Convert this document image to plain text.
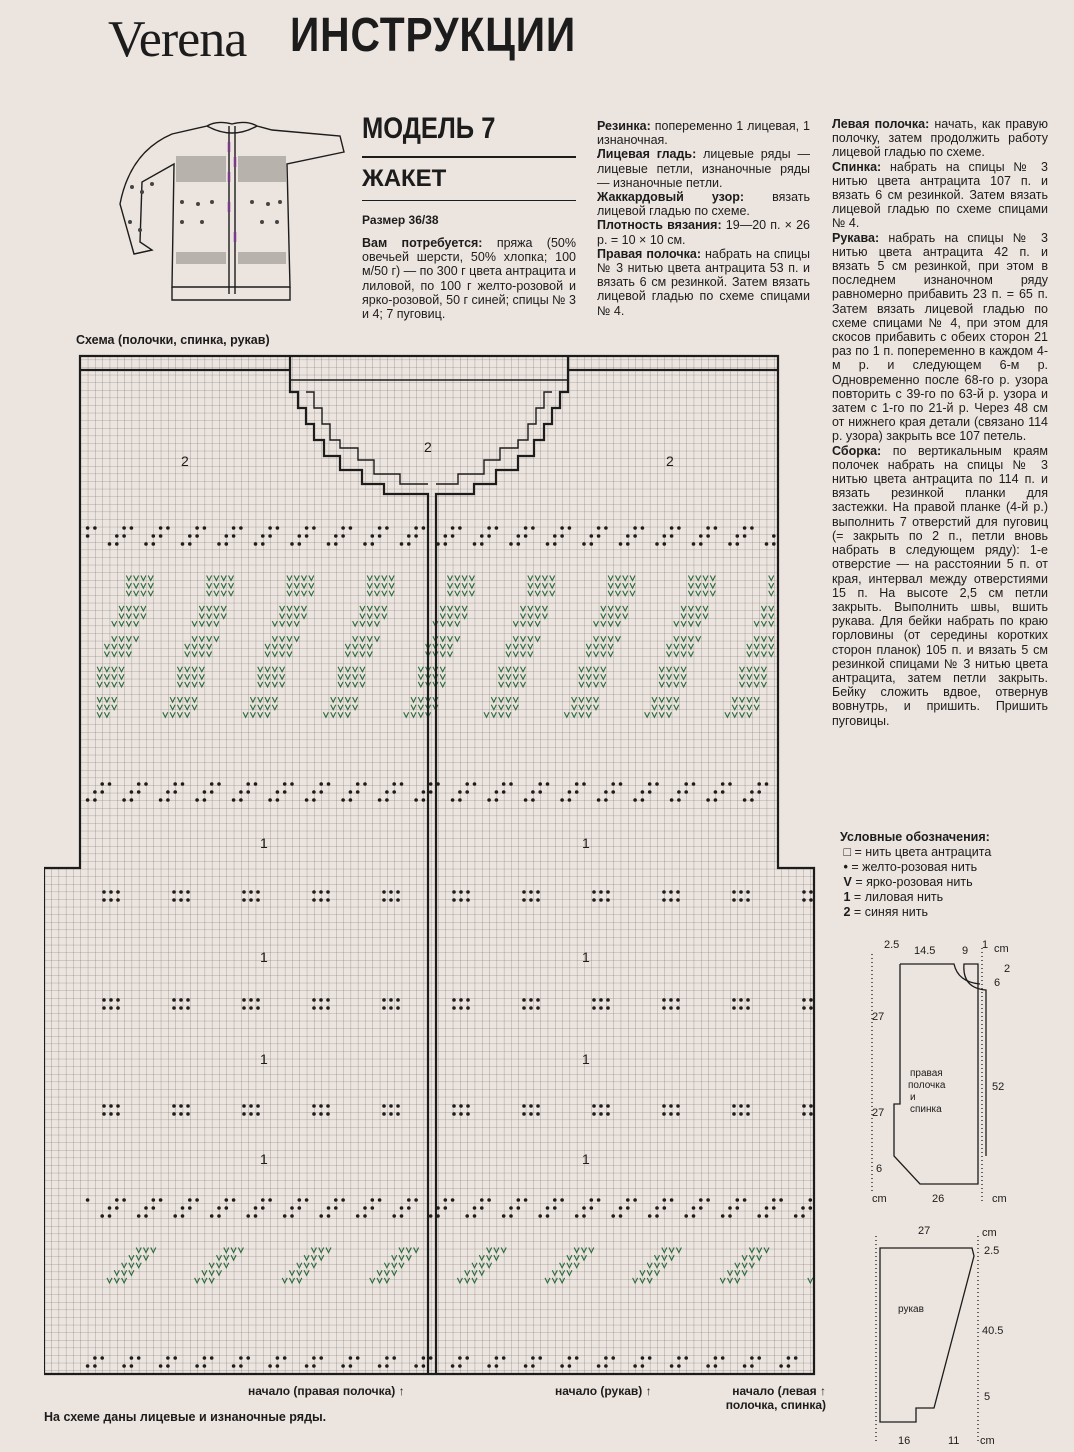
Verena ИНСТРУКЦИИ
МОДЕЛЬ 7
ЖАКЕТ
Размер 36/38
Вам потребуется: пряжа (50% овечьей шерсти, 50% хлопка; 100 м/50 г) — по 300 г цвета антрацита и лиловой, по 100 г желто-розовой и ярко-розовой, 50 г синей; спицы № 3 и 4; 7 пуговиц.
Резинка: попеременно 1 лицевая, 1 изнаночная.
Лицевая гладь: лицевые ряды — лицевые петли, изнаночные ряды — изнаночные петли.
Жаккардовый узор: вязать лицевой гладью по схеме.
Плотность вязания: 19—20 п. × 26 р. = 10 × 10 см.
Правая полочка: набрать на спицы № 3 нитью цвета антрацита 53 п. и вязать 6 см резинкой. Затем вязать лицевой гладью по схеме спицами № 4.
Левая полочка: начать, как правую полочку, затем продолжить работу лицевой гладью по схеме.
Спинка: набрать на спицы № 3 нитью цвета антрацита 107 п. и вязать 6 см резинкой. Затем вязать лицевой гладью по схеме спицами № 4.
Рукава: набрать на спицы № 3 нитью цвета антрацита 42 п. и вязать 5 см резинкой, при этом в последнем изнаночном ряду равномерно прибавить 23 п. = 65 п. Затем вязать лицевой гладью по схеме спицами № 4, при этом для скосов прибавить с обеих сторон 21 раз по 1 п. попеременно в каждом 4-м р. и следующем 6-м р. Одновременно после 68-го р. узора повторить с 39-го по 63-й р. узора и затем с 1-го по 21-й р. Через 48 см от нижнего края детали (связано 114 р. узора) закрыть все 107 петель.
Сборка: по вертикальным краям полочек набрать на спицы № 3 нитью цвета антрацита по 114 п. и вязать резинкой планки для застежки. На правой планке (4-й р.) выполнить 7 отверстий для пуговиц (= закрыть по 2 п., петли вновь набрать в следующем ряду): 1-е отверстие — на расстоянии 5 п. от края, интервал между отверстиями 15 п. На высоте 2,5 см петли закрыть. Выполнить швы, вшить рукава. Для бейки набрать по краю горловины (от середины коротких сторон планок) 105 п. и вязать 5 см резинкой спицами № 3 нитью цвета антрацита, затем петли закрыть. Бейку сложить вдвое, отвернув вовнутрь, и пришить. Пришить пуговицы.
Условные обозначения:
□ = нить цвета антрацита
• = желто-розовая нить
V = ярко-розовая нить
1 = лиловая нить
2 = синяя нить
Схема (полочки, спинка, рукав)
2
2
2
1	1
1
1	1
1	1
1
начало (правая полочка) ↑	начало (рукав) ↑	начало (левая ↑
полочка, спинка)
На схеме даны лицевые и изнаночные ряды.
2.5 14.5 9 1 cm
2
6
52
27
27
6
cm	26	cm
правая
полочка
и
спинка
27	cm
2.5
40.5
5
16	11 cm
рукав
